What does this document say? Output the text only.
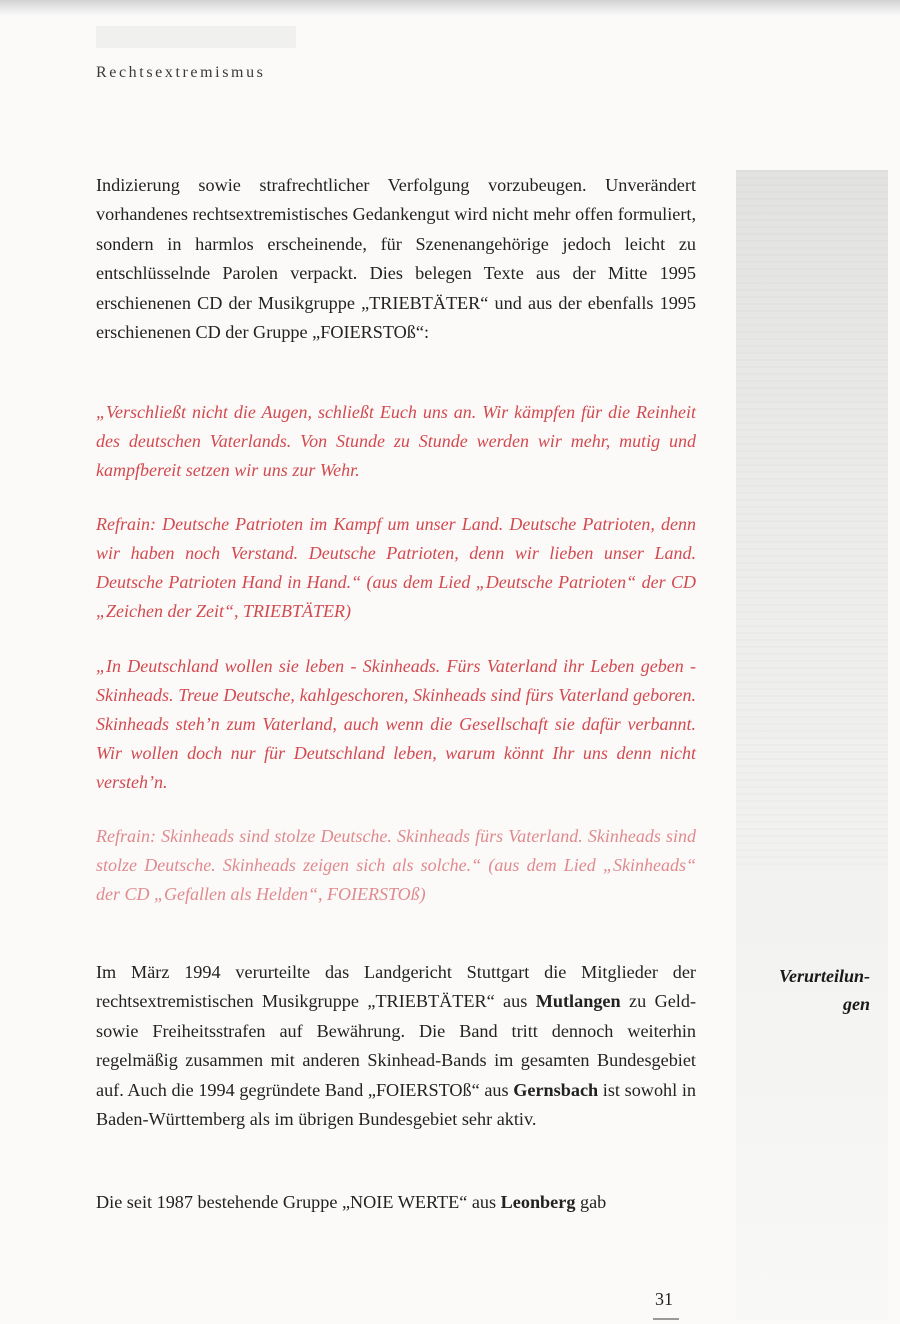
Rechtsextremismus

Indizierung sowie strafrechtlicher Verfolgung vorzubeugen. Unverändert vorhandenes rechtsextremistisches Gedankengut wird nicht mehr offen formuliert, sondern in harmlos erscheinende, für Szenenangehörige jedoch leicht zu entschlüsselnde Parolen verpackt. Dies belegen Texte aus der Mitte 1995 erschienenen CD der Musikgruppe „TRIEBTÄTER“ und aus der ebenfalls 1995 erschienenen CD der Gruppe „FOIERSTOß“:

„Verschließt nicht die Augen, schließt Euch uns an. Wir kämpfen für die Reinheit des deutschen Vaterlands. Von Stunde zu Stunde werden wir mehr, mutig und kampfbereit setzen wir uns zur Wehr.

Refrain: Deutsche Patrioten im Kampf um unser Land. Deutsche Patrioten, denn wir haben noch Verstand. Deutsche Patrioten, denn wir lieben unser Land. Deutsche Patrioten Hand in Hand.“ (aus dem Lied „Deutsche Patrioten“ der CD „Zeichen der Zeit“, TRIEBTÄTER)

„In Deutschland wollen sie leben - Skinheads. Fürs Vaterland ihr Leben geben - Skinheads. Treue Deutsche, kahlgeschoren, Skinheads sind fürs Vaterland geboren. Skinheads steh’n zum Vaterland, auch wenn die Gesellschaft sie dafür verbannt. Wir wollen doch nur für Deutschland leben, warum könnt Ihr uns denn nicht versteh’n.

Refrain: Skinheads sind stolze Deutsche. Skinheads fürs Vaterland. Skinheads sind stolze Deutsche. Skinheads zeigen sich als solche.“ (aus dem Lied „Skinheads“ der CD „Gefallen als Helden“, FOIERSTOß)

Im März 1994 verurteilte das Landgericht Stuttgart die Mitglieder der rechtsextremistischen Musikgruppe „TRIEBTÄTER“ aus Mutlangen zu Geld- sowie Freiheitsstrafen auf Bewährung. Die Band tritt dennoch weiterhin regelmäßig zusammen mit anderen Skinhead-Bands im gesamten Bundesgebiet auf. Auch die 1994 gegründete Band „FOIERSTOß“ aus Gernsbach ist sowohl in Baden-Württemberg als im übrigen Bundesgebiet sehr aktiv.

Verurteilun-
gen

Die seit 1987 bestehende Gruppe „NOIE WERTE“ aus Leonberg gab

31
